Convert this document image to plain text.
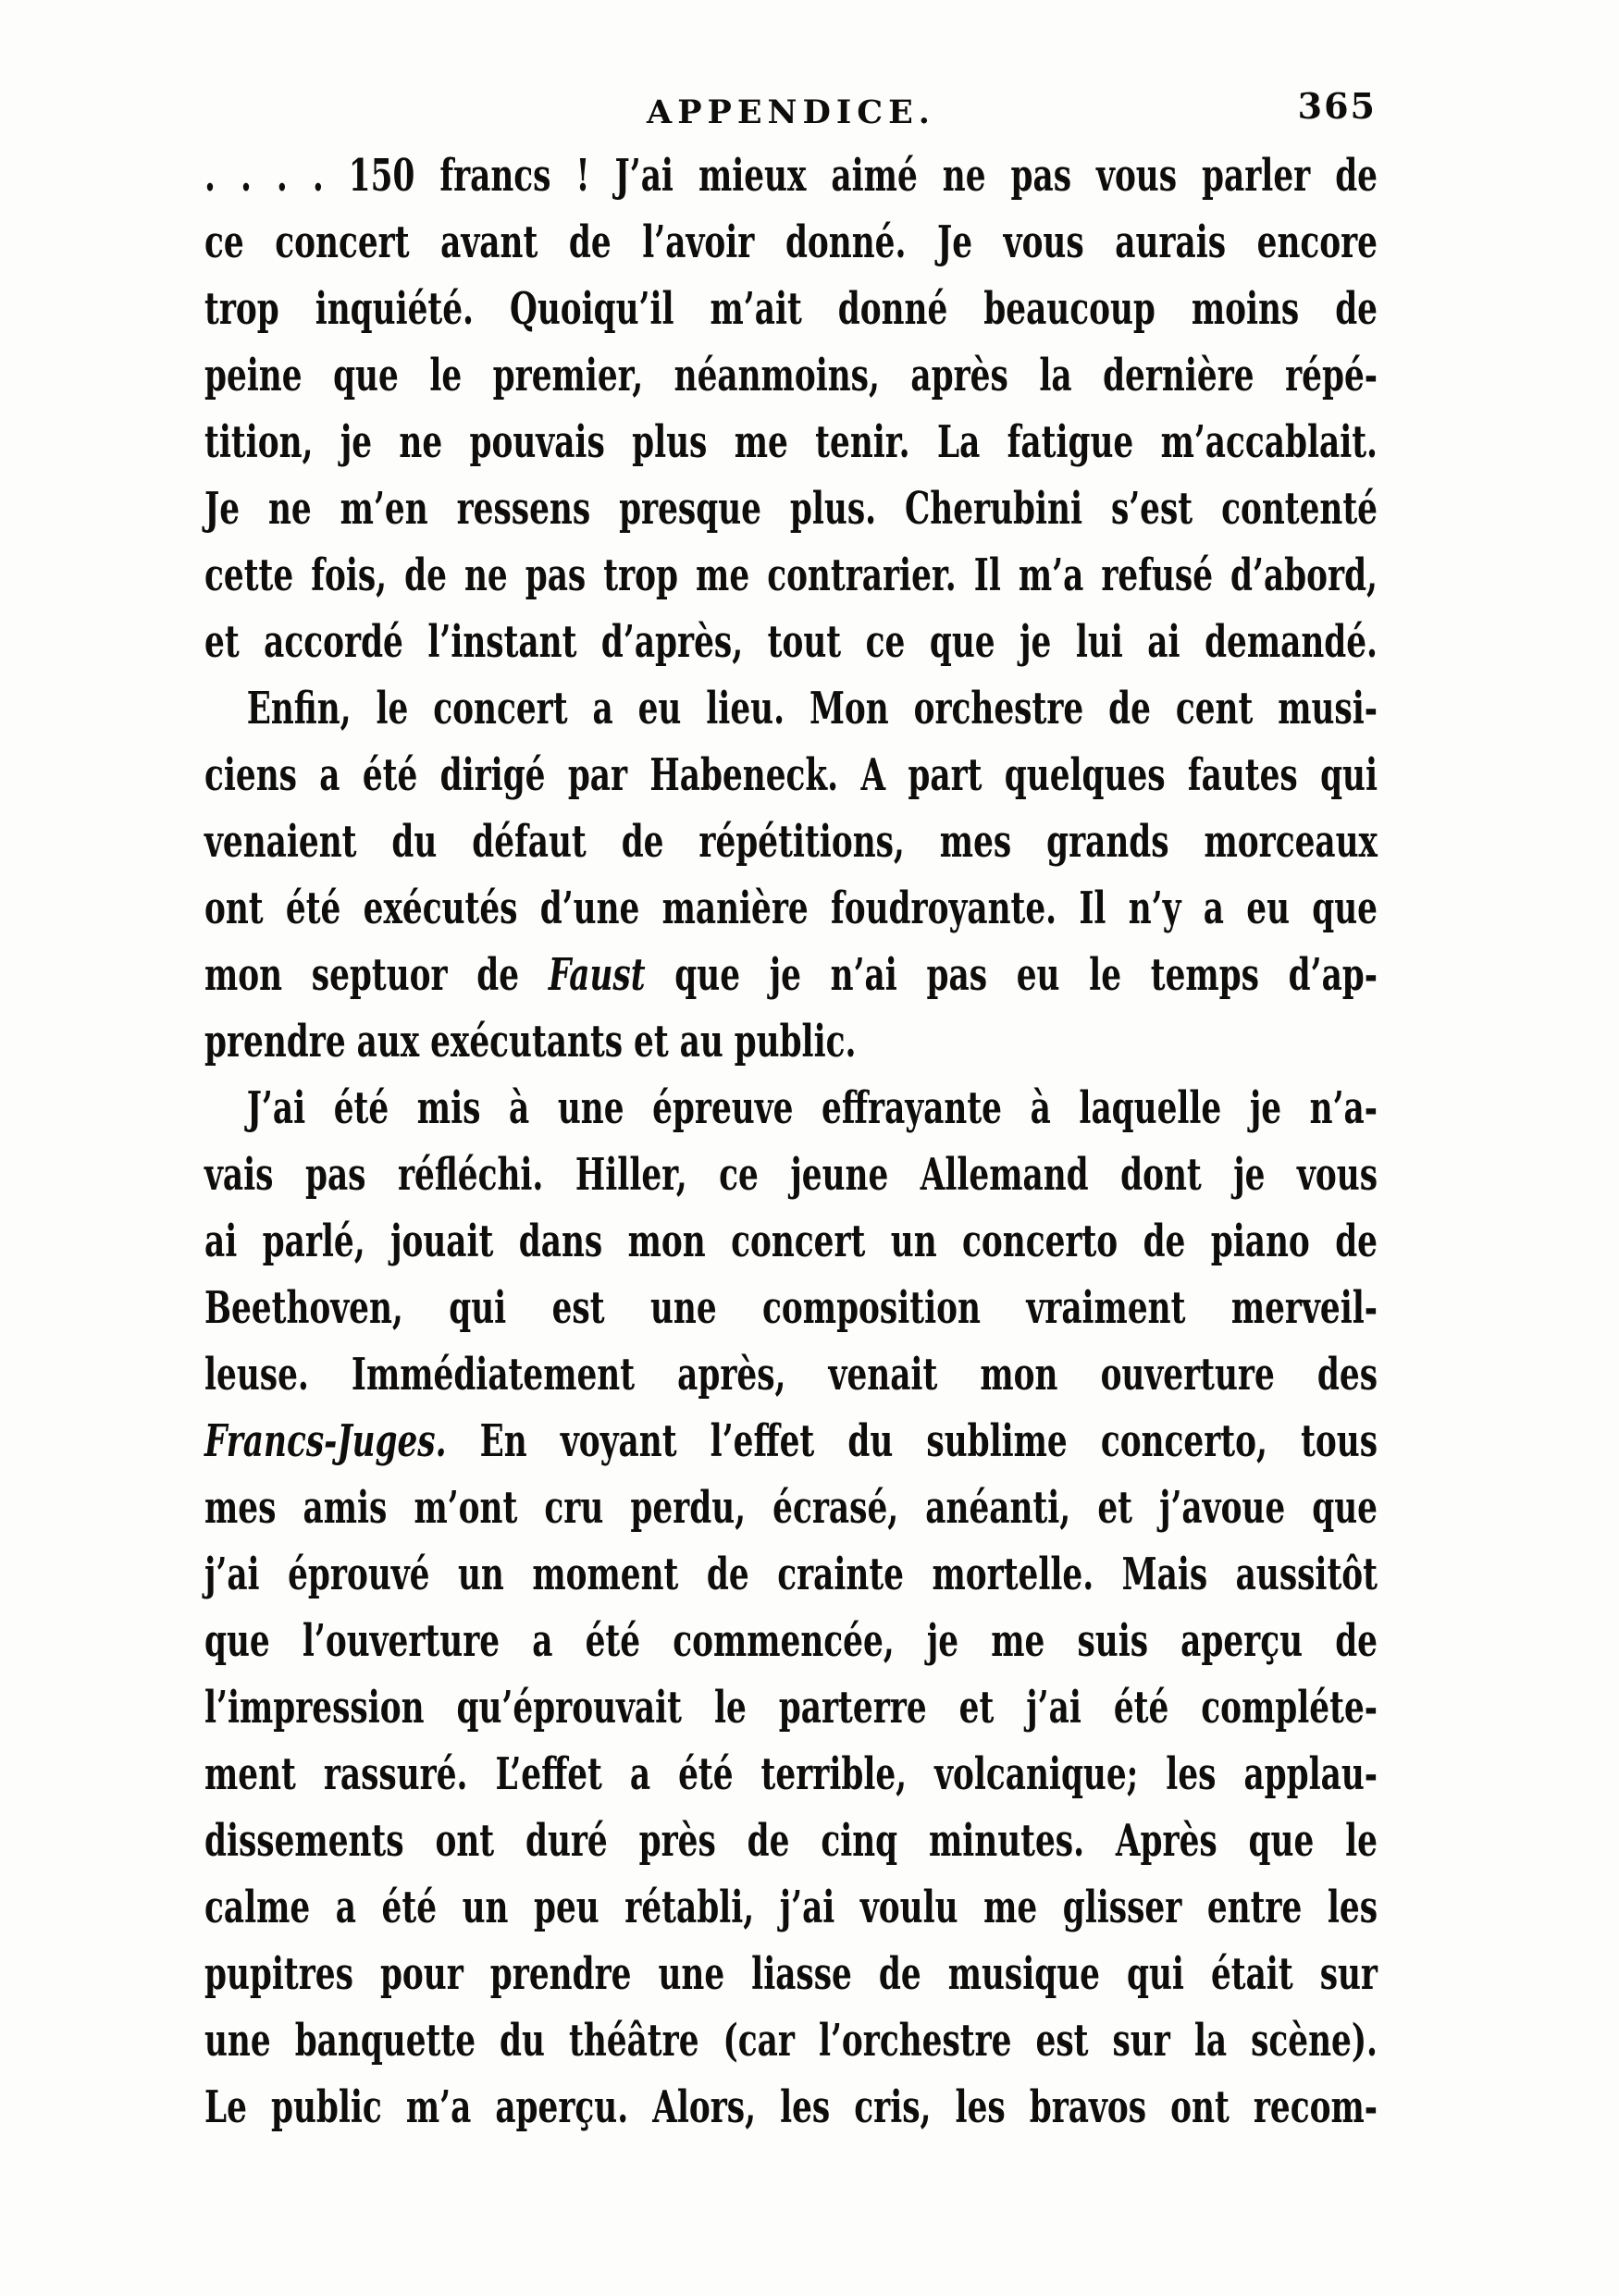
APPENDICE.	365
. . . . 150 francs ! J’ai mieux aimé ne pas vous parler de
ce concert avant de l’avoir donné. Je vous aurais encore
trop inquiété. Quoiqu’il m’ait donné beaucoup moins de
peine que le premier, néanmoins, après la dernière répé-
tition, je ne pouvais plus me tenir. La fatigue m’accablait.
Je ne m’en ressens presque plus. Cherubini s’est contenté
cette fois, de ne pas trop me contrarier. Il m’a refusé d’abord,
et accordé l’instant d’après, tout ce que je lui ai demandé.
Enfin, le concert a eu lieu. Mon orchestre de cent musi-
ciens a été dirigé par Habeneck. A part quelques fautes qui
venaient du défaut de répétitions, mes grands morceaux
ont été exécutés d’une manière foudroyante. Il n’y a eu que
mon septuor de Faust que je n’ai pas eu le temps d’ap-
prendre aux exécutants et au public.
J’ai été mis à une épreuve effrayante à laquelle je n’a-
vais pas réfléchi. Hiller, ce jeune Allemand dont je vous
ai parlé, jouait dans mon concert un concerto de piano de
Beethoven, qui est une composition vraiment merveil-
leuse. Immédiatement après, venait mon ouverture des
Francs-Juges. En voyant l’effet du sublime concerto, tous
mes amis m’ont cru perdu, écrasé, anéanti, et j’avoue que
j’ai éprouvé un moment de crainte mortelle. Mais aussitôt
que l’ouverture a été commencée, je me suis aperçu de
l’impression qu’éprouvait le parterre et j’ai été compléte-
ment rassuré. L’effet a été terrible, volcanique; les applau-
dissements ont duré près de cinq minutes. Après que le
calme a été un peu rétabli, j’ai voulu me glisser entre les
pupitres pour prendre une liasse de musique qui était sur
une banquette du théâtre (car l’orchestre est sur la scène).
Le public m’a aperçu. Alors, les cris, les bravos ont recom-
